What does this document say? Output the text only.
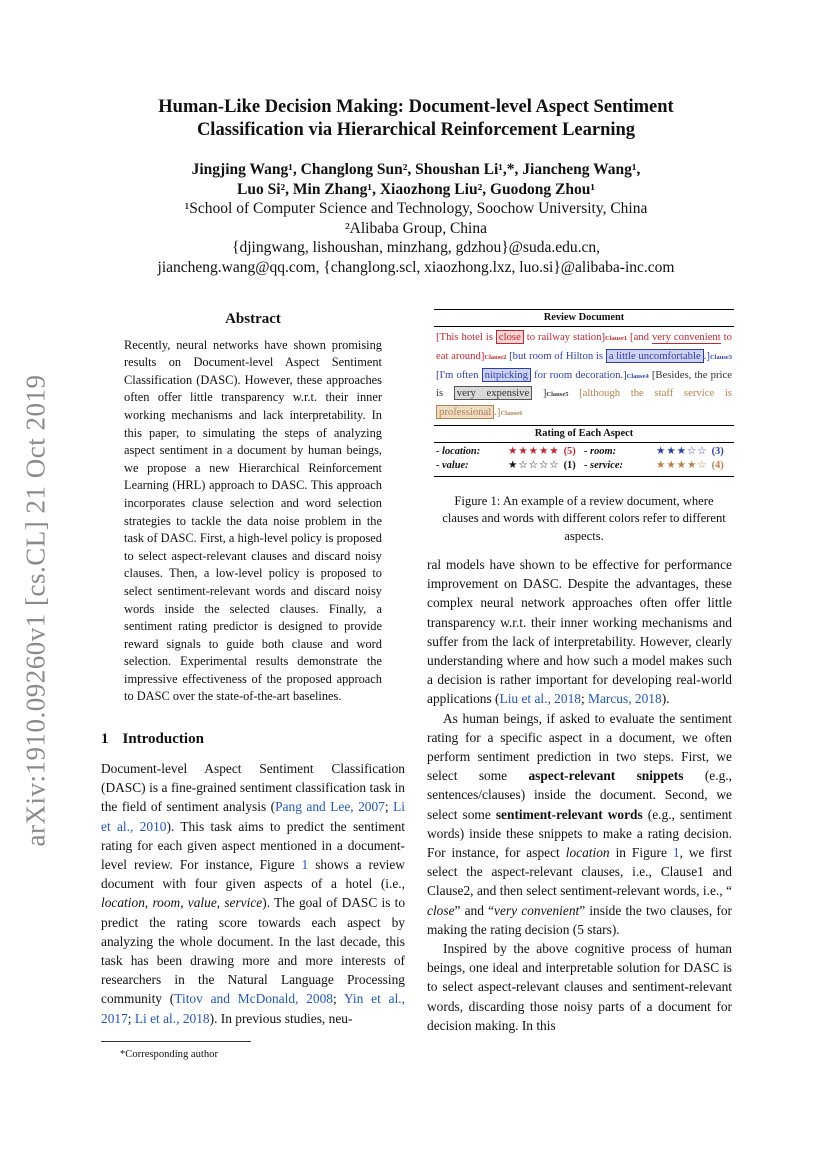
arXiv:1910.09260v1 [cs.CL] 21 Oct 2019
Human-Like Decision Making: Document-level Aspect Sentiment
Classification via Hierarchical Reinforcement Learning
Jingjing Wang¹, Changlong Sun², Shoushan Li¹,*, Jiancheng Wang¹,
Luo Si², Min Zhang¹, Xiaozhong Liu², Guodong Zhou¹
¹School of Computer Science and Technology, Soochow University, China
²Alibaba Group, China
{djingwang, lishoushan, minzhang, gdzhou}@suda.edu.cn,
jiancheng.wang@qq.com, {changlong.scl, xiaozhong.lxz, luo.si}@alibaba-inc.com
Abstract

Recently, neural networks have shown promising results on Document-level Aspect Sentiment Classification (DASC). However, these approaches often offer little transparency w.r.t. their inner working mechanisms and lack interpretability. In this paper, to simulating the steps of analyzing aspect sentiment in a document by human beings, we propose a new Hierarchical Reinforcement Learning (HRL) approach to DASC. This approach incorporates clause selection and word selection strategies to tackle the data noise problem in the task of DASC. First, a high-level policy is proposed to select aspect-relevant clauses and discard noisy clauses. Then, a low-level policy is proposed to select sentiment-relevant words and discard noisy words inside the selected clauses. Finally, a sentiment rating predictor is designed to provide reward signals to guide both clause and word selection. Experimental results demonstrate the impressive effectiveness of the proposed approach to DASC over the state-of-the-art baselines.

1 Introduction

Document-level Aspect Sentiment Classification (DASC) is a fine-grained sentiment classification task in the field of sentiment analysis (Pang and Lee, 2007; Li et al., 2010). This task aims to predict the sentiment rating for each given aspect mentioned in a document-level review. For instance, Figure 1 shows a review document with four given aspects of a hotel (i.e., location, room, value, service). The goal of DASC is to predict the rating score towards each aspect by analyzing the whole document. In the last decade, this task has been drawing more and more interests of researchers in the Natural Language Processing community (Titov and McDonald, 2008; Yin et al., 2017; Li et al., 2018). In previous studies, neu-

*Corresponding author
Review Document
[This hotel is close to railway station]Clause1 [and very convenient to eat around]Clause2 [but room of Hilton is a little uncomfortable .]Clause3 [I'm often nitpicking for room decoration.]Clause4 [Besides, the price is very expensive ]Clause5 [although the staff service is professional .]Clause6
Rating of Each Aspect
- location:	★★★★★ (5) - room:	★★★☆☆ (3)
- value:	★☆☆☆☆ (1) - service:	★★★★☆ (4)
Figure 1: An example of a review document, where clauses and words with different colors refer to different aspects.

ral models have shown to be effective for performance improvement on DASC. Despite the advantages, these complex neural network approaches often offer little transparency w.r.t. their inner working mechanisms and suffer from the lack of interpretability. However, clearly understanding where and how such a model makes such a decision is rather important for developing real-world applications (Liu et al., 2018; Marcus, 2018).

As human beings, if asked to evaluate the sentiment rating for a specific aspect in a document, we often perform sentiment prediction in two steps. First, we select some aspect-relevant snippets (e.g., sentences/clauses) inside the document. Second, we select some sentiment-relevant words (e.g., sentiment words) inside these snippets to make a rating decision. For instance, for aspect location in Figure 1, we first select the aspect-relevant clauses, i.e., Clause1 and Clause2, and then select sentiment-relevant words, i.e., “ close” and “very convenient” inside the two clauses, for making the rating decision (5 stars).

Inspired by the above cognitive process of human beings, one ideal and interpretable solution for DASC is to select aspect-relevant clauses and sentiment-relevant words, discarding those noisy parts of a document for decision making. In this
